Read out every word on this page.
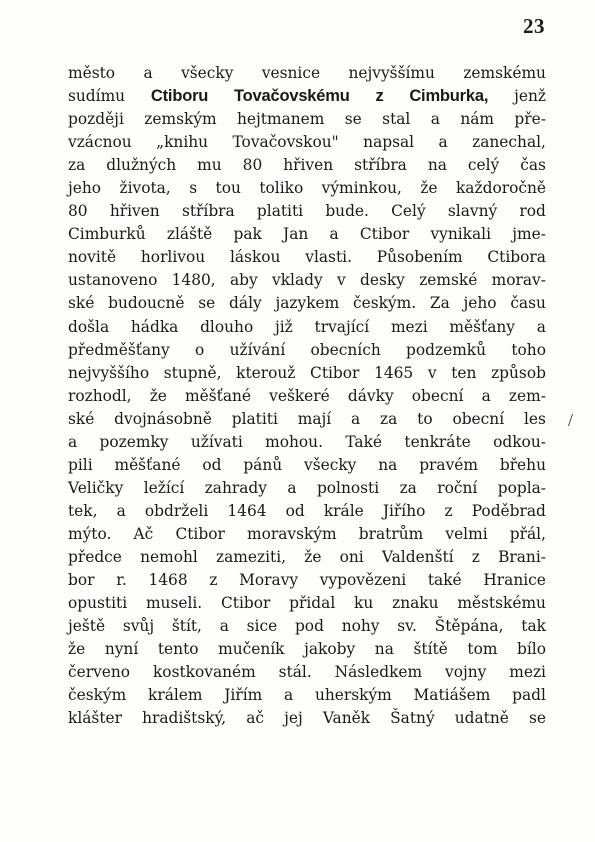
23
město a všecky vesnice nejvyššímu zemskému
sudímu Ctiboru Tovačovskému z Cimburka, jenž
později zemským hejtmanem se stal a nám pře-
vzácnou „knihu Tovačovskou" napsal a zanechal,
za dlužných mu 80 hřiven stříbra na celý čas
jeho života, s tou toliko výminkou, že každoročně
80 hřiven stříbra platiti bude. Celý slavný rod
Cimburků zláště pak Jan a Ctibor vynikali jme-
novitě horlivou láskou vlasti. Působením Ctibora
ustanoveno 1480, aby vklady v desky zemské morav-
ské budoucně se dály jazykem českým. Za jeho času
došla hádka dlouho již trvající mezi měšťany a
předměšťany o užívání obecních podzemků toho
nejvyššího stupně, kterouž Ctibor 1465 v ten způsob
rozhodl, že měšťané veškeré dávky obecní a zem-
ské dvojnásobně platiti mají a za to obecní les
a pozemky užívati mohou. Také tenkráte odkou-
pili měšťané od pánů všecky na pravém břehu
Veličky ležící zahrady a polnosti za roční popla-
tek, a obdrželi 1464 od krále Jiřího z Poděbrad
mýto. Ač Ctibor moravským bratrům velmi přál,
předce nemohl zameziti, že oni Valdenští z Brani-
bor r. 1468 z Moravy vypovězeni také Hranice
opustiti museli. Ctibor přidal ku znaku městskému
ještě svůj štít, a sice pod nohy sv. Štěpána, tak
že nyní tento mučeník jakoby na štítě tom bílo
červeno kostkovaném stál. Následkem vojny mezi
českým králem Jiřím a uherským Matiášem padl
klášter hradištský, ač jej Vaněk Šatný udatně se
/
